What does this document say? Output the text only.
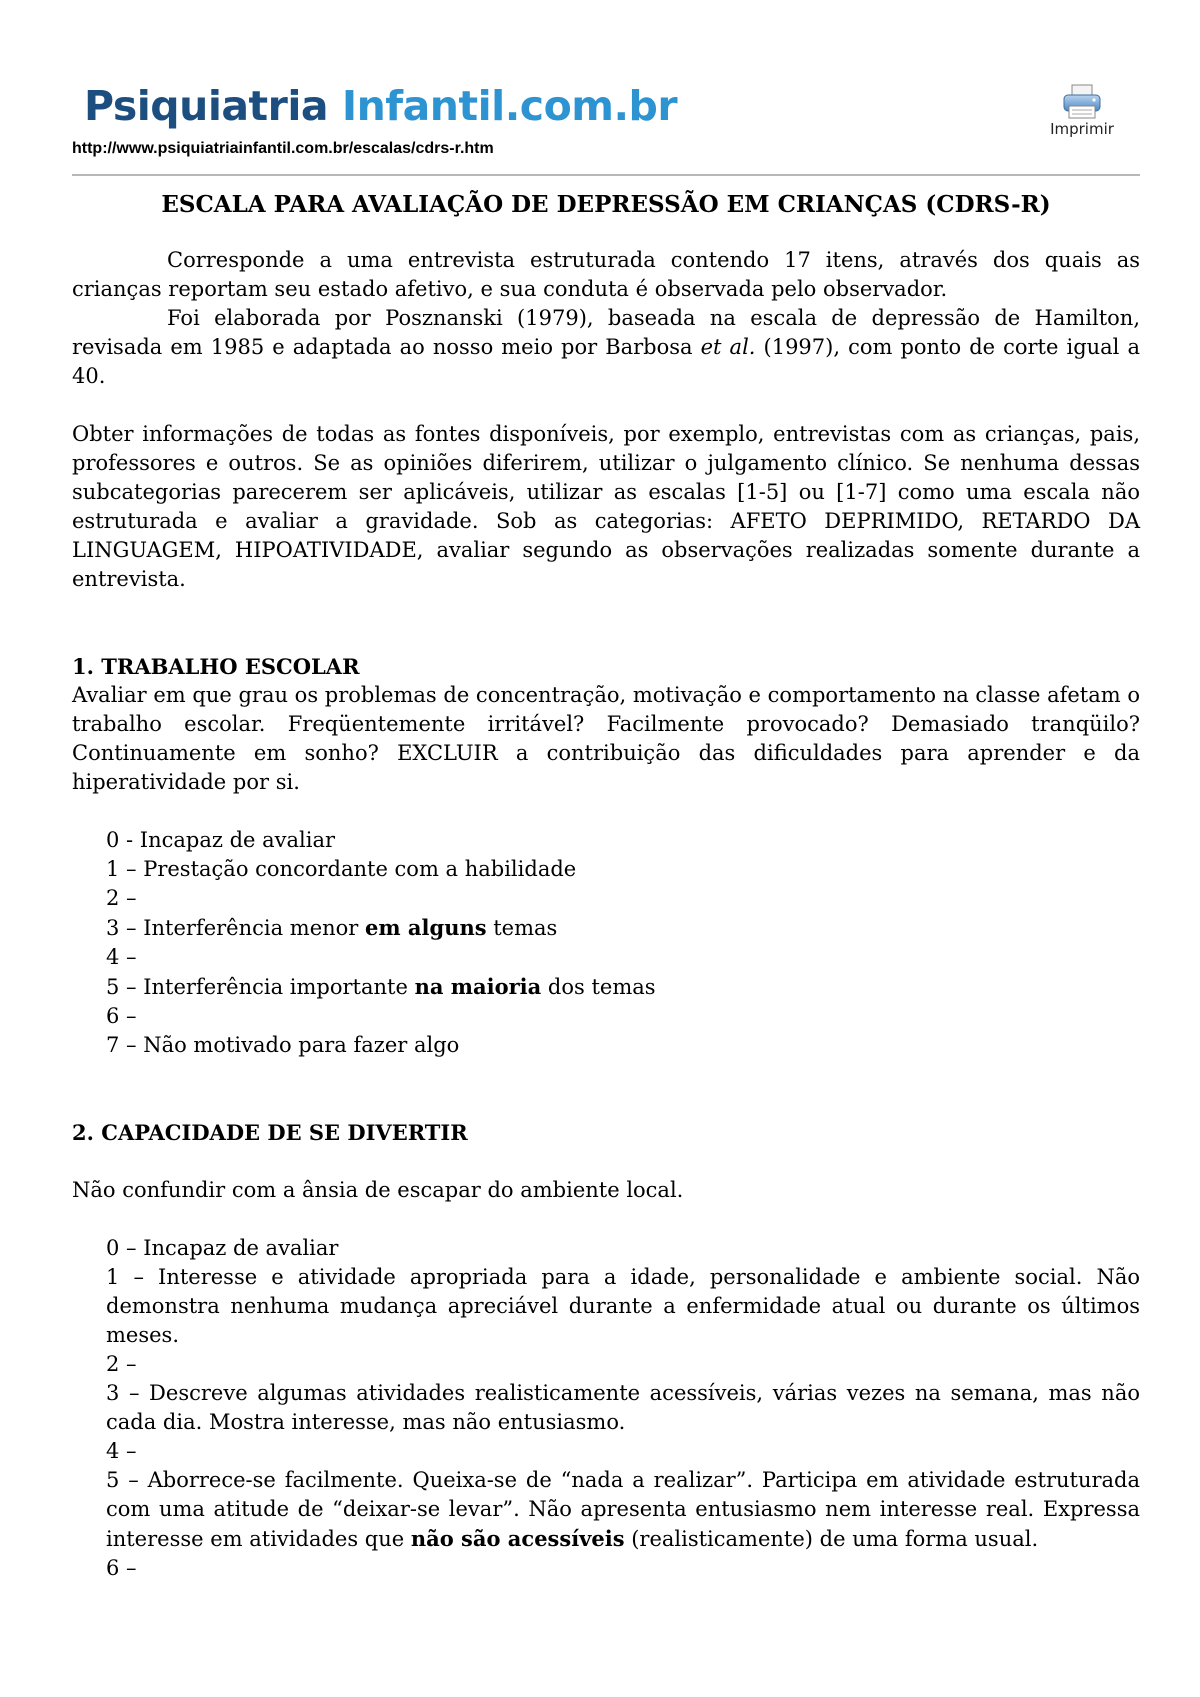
Psiquiatria Infantil.com.br
http://www.psiquiatriainfantil.com.br/escalas/cdrs-r.htm
Imprimir

ESCALA PARA AVALIAÇÃO DE DEPRESSÃO EM CRIANÇAS (CDRS-R)

Corresponde a uma entrevista estruturada contendo 17 itens, através dos quais as crianças reportam seu estado afetivo, e sua conduta é observada pelo observador.

Foi elaborada por Posznanski (1979), baseada na escala de depressão de Hamilton, revisada em 1985 e adaptada ao nosso meio por Barbosa et al. (1997), com ponto de corte igual a 40.

Obter informações de todas as fontes disponíveis, por exemplo, entrevistas com as crianças, pais, professores e outros. Se as opiniões diferirem, utilizar o julgamento clínico. Se nenhuma dessas subcategorias parecerem ser aplicáveis, utilizar as escalas [1-5] ou [1-7] como uma escala não estruturada e avaliar a gravidade. Sob as categorias: AFETO DEPRIMIDO, RETARDO DA LINGUAGEM, HIPOATIVIDADE, avaliar segundo as observações realizadas somente durante a entrevista.

1. TRABALHO ESCOLAR

Avaliar em que grau os problemas de concentração, motivação e comportamento na classe afetam o trabalho escolar. Freqüentemente irritável? Facilmente provocado? Demasiado tranqüilo? Continuamente em sonho? EXCLUIR a contribuição das dificuldades para aprender e da hiperatividade por si.

0 - Incapaz de avaliar
1 – Prestação concordante com a habilidade
2 –
3 – Interferência menor em alguns temas
4 –
5 – Interferência importante na maioria dos temas
6 –
7 – Não motivado para fazer algo

2. CAPACIDADE DE SE DIVERTIR

Não confundir com a ânsia de escapar do ambiente local.

0 – Incapaz de avaliar
1 – Interesse e atividade apropriada para a idade, personalidade e ambiente social. Não demonstra nenhuma mudança apreciável durante a enfermidade atual ou durante os últimos meses.
2 –
3 – Descreve algumas atividades realisticamente acessíveis, várias vezes na semana, mas não cada dia. Mostra interesse, mas não entusiasmo.
4 –
5 – Aborrece-se facilmente. Queixa-se de “nada a realizar”. Participa em atividade estruturada com uma atitude de “deixar-se levar”. Não apresenta entusiasmo nem interesse real. Expressa interesse em atividades que não são acessíveis (realisticamente) de uma forma usual.
6 –
